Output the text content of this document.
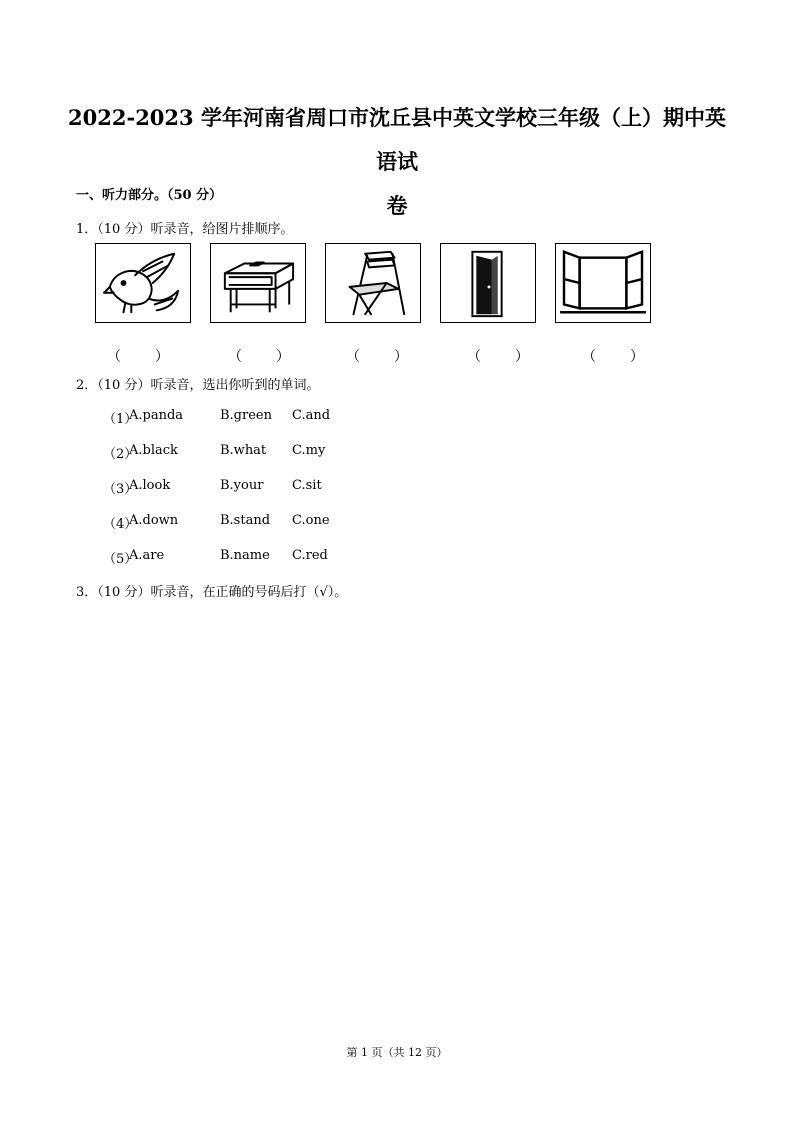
2022-2023 学年河南省周口市沈丘县中英文学校三年级（上）期中英语试
卷
一、听力部分。（50 分）
1．（10 分）听录音，给图片排顺序。
（　　）	（　　）	（　　）	（　　）	（　　）
2．（10 分）听录音，选出你听到的单词。
（1）
A.panda	B.green C.and
（2）
A.black	B.what C.my
（3）
A.look	B.your C.sit
（4）
A.down	B.stand C.one
（5）
A.are	B.name C.red
3．（10 分）听录音，在正确的号码后打（√）。
第 1 页（共 12 页）
